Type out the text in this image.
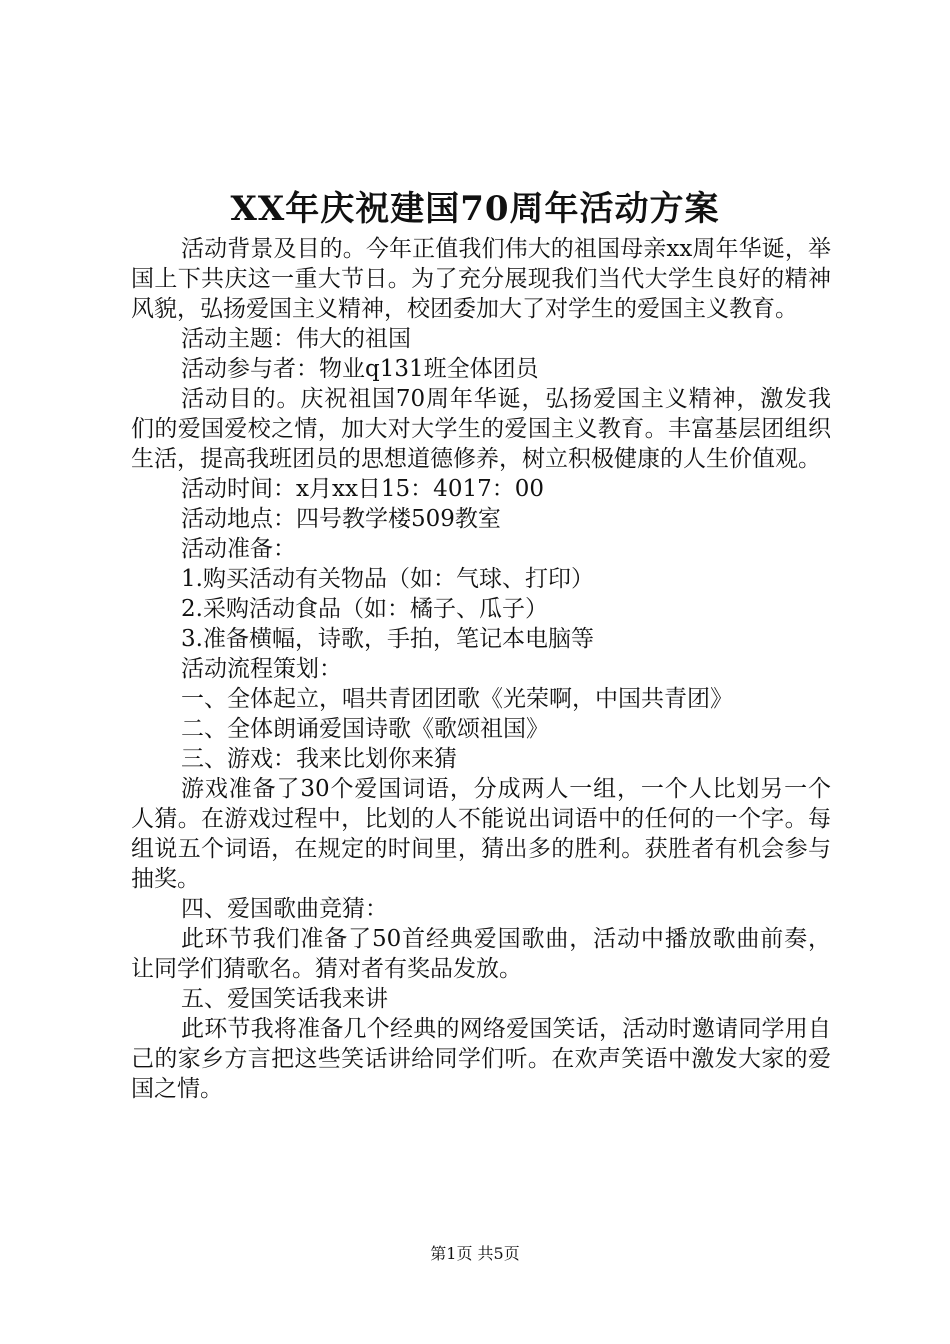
XX年庆祝建国70周年活动方案

活动背景及目的。今年正值我们伟大的祖国母亲xx周年华诞，举国上下共庆这一重大节日。为了充分展现我们当代大学生良好的精神风貌，弘扬爱国主义精神，校团委加大了对学生的爱国主义教育。

活动主题：伟大的祖国

活动参与者：物业q131班全体团员

活动目的。庆祝祖国70周年华诞，弘扬爱国主义精神，激发我们的爱国爱校之情，加大对大学生的爱国主义教育。丰富基层团组织生活，提高我班团员的思想道德修养，树立积极健康的人生价值观。

活动时间：x月xx日15：4017：00

活动地点：四号教学楼509教室

活动准备：

1.购买活动有关物品（如：气球、打印）

2.采购活动食品（如：橘子、瓜子）

3.准备横幅，诗歌，手拍，笔记本电脑等

活动流程策划：

一、全体起立，唱共青团团歌《光荣啊，中国共青团》

二、全体朗诵爱国诗歌《歌颂祖国》

三、游戏：我来比划你来猜

游戏准备了30个爱国词语，分成两人一组，一个人比划另一个人猜。在游戏过程中，比划的人不能说出词语中的任何的一个字。每组说五个词语，在规定的时间里，猜出多的胜利。获胜者有机会参与抽奖。

四、爱国歌曲竞猜：

此环节我们准备了50首经典爱国歌曲，活动中播放歌曲前奏，让同学们猜歌名。猜对者有奖品发放。

五、爱国笑话我来讲

此环节我将准备几个经典的网络爱国笑话，活动时邀请同学用自己的家乡方言把这些笑话讲给同学们听。在欢声笑语中激发大家的爱国之情。

第1页 共5页
